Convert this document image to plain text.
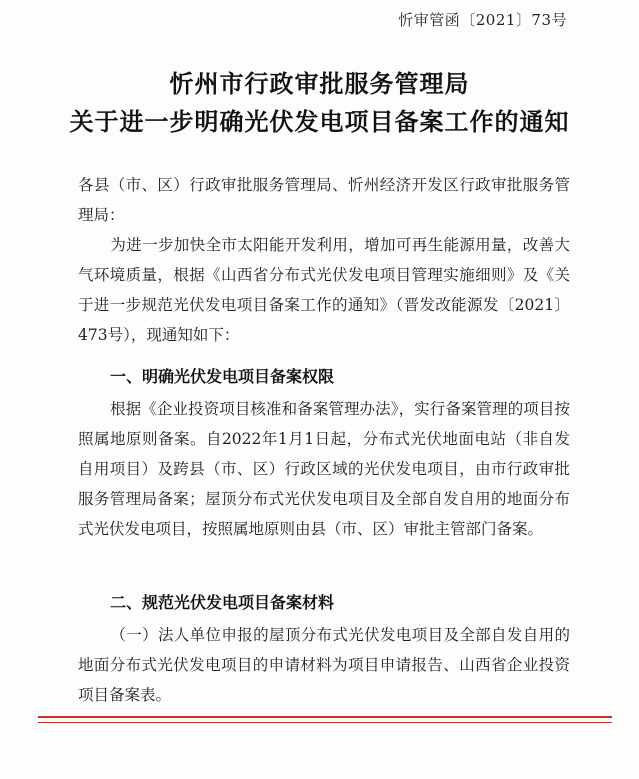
忻审管函〔2021〕73号
忻州市行政审批服务管理局
关于进一步明确光伏发电项目备案工作的通知
各县（市、区）行政审批服务管理局、忻州经济开发区行政审批服务管理局：
为进一步加快全市太阳能开发利用，增加可再生能源用量，改善大气环境质量，根据《山西省分布式光伏发电项目管理实施细则》及《关于进一步规范光伏发电项目备案工作的通知》（晋发改能源发〔2021〕473号），现通知如下：
一、明确光伏发电项目备案权限
根据《企业投资项目核准和备案管理办法》，实行备案管理的项目按照属地原则备案。自2022年1月1日起，分布式光伏地面电站（非自发自用项目）及跨县（市、区）行政区域的光伏发电项目，由市行政审批服务管理局备案；屋顶分布式光伏发电项目及全部自发自用的地面分布式光伏发电项目，按照属地原则由县（市、区）审批主管部门备案。
二、规范光伏发电项目备案材料
（一）法人单位申报的屋顶分布式光伏发电项目及全部自发自用的地面分布式光伏发电项目的申请材料为项目申请报告、山西省企业投资项目备案表。
